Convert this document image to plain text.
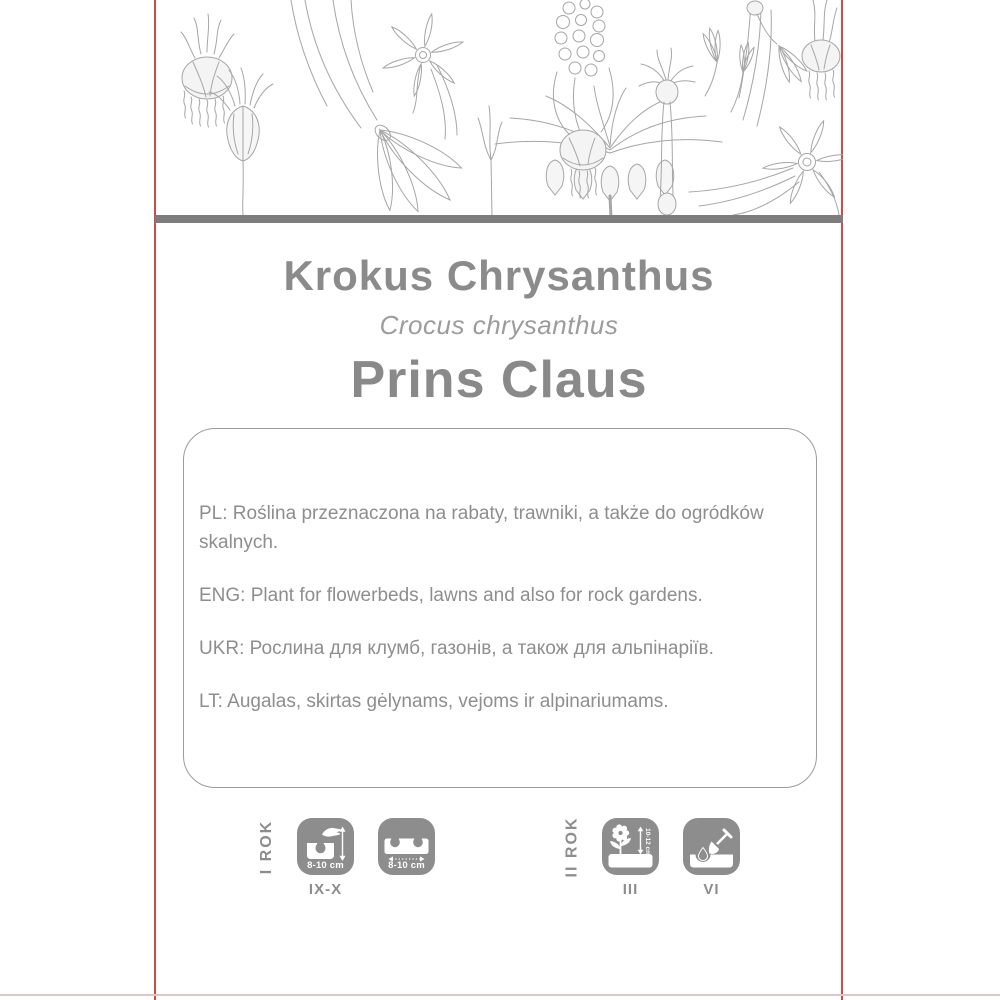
Krokus Chrysanthus
Crocus chrysanthus
Prins Claus

PL: Roślina przeznaczona na rabaty, trawniki, a także do ogródków skalnych.

ENG: Plant for flowerbeds, lawns and also for rock gardens.

UKR: Рослина для клумб, газонів, а також для альпінаріїв.

LT: Augalas, skirtas gėlynams, vejoms ir alpinariumams.

I ROK	8-10 cm
IX-X
8-10 cm	II ROK	10-12 cm
III	VI
